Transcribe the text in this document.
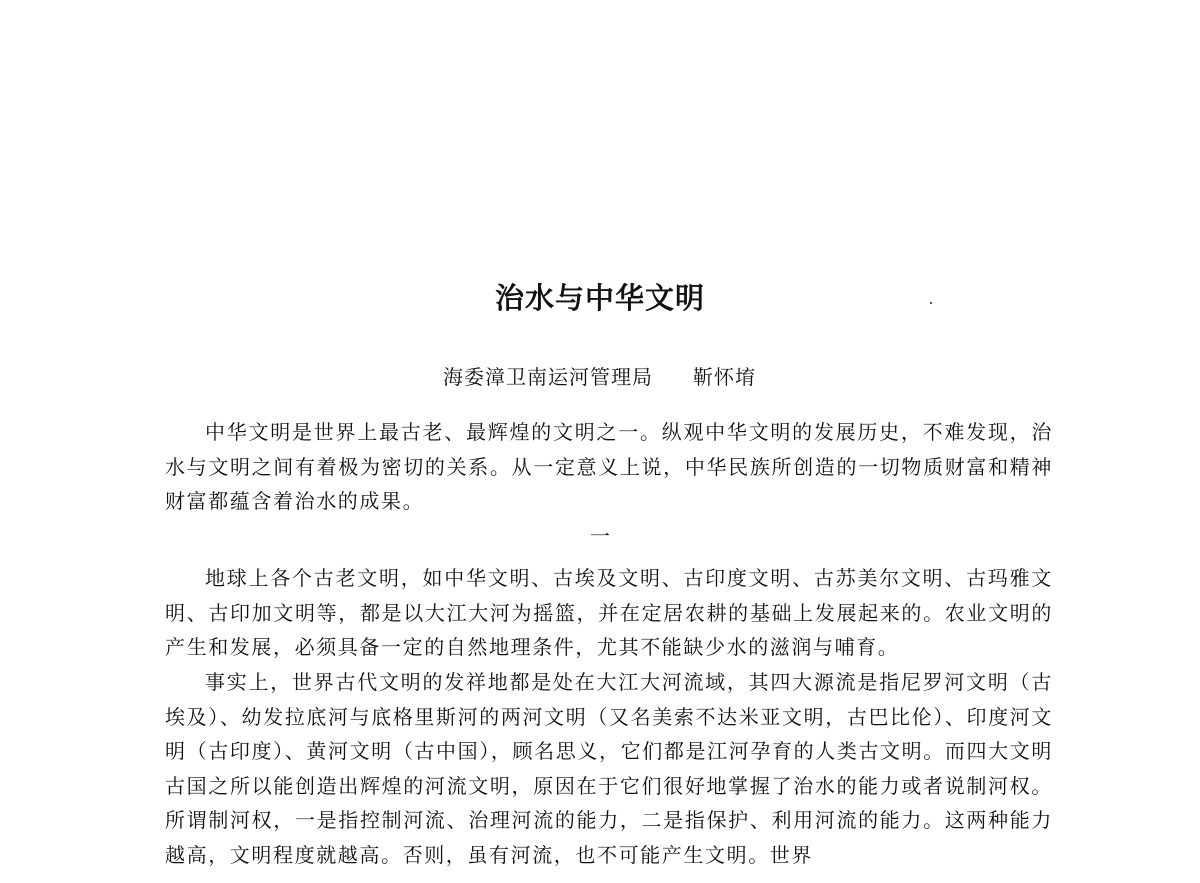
治水与中华文明
海委漳卫南运河管理局 靳怀堉

中华文明是世界上最古老、最辉煌的文明之一。纵观中华文明的发展历史，不难发现，治水与文明之间有着极为密切的关系。从一定意义上说，中华民族所创造的一切物质财富和精神财富都蕴含着治水的成果。

一

地球上各个古老文明，如中华文明、古埃及文明、古印度文明、古苏美尔文明、古玛雅文明、古印加文明等，都是以大江大河为摇篮，并在定居农耕的基础上发展起来的。农业文明的产生和发展，必须具备一定的自然地理条件，尤其不能缺少水的滋润与哺育。

事实上，世界古代文明的发祥地都是处在大江大河流域，其四大源流是指尼罗河文明（古埃及）、幼发拉底河与底格里斯河的两河文明（又名美索不达米亚文明，古巴比伦）、印度河文明（古印度）、黄河文明（古中国），顾名思义，它们都是江河孕育的人类古文明。而四大文明古国之所以能创造出辉煌的河流文明，原因在于它们很好地掌握了治水的能力或者说制河权。所谓制河权，一是指控制河流、治理河流的能力，二是指保护、利用河流的能力。这两种能力越高，文明程度就越高。否则，虽有河流，也不可能产生文明。世界
